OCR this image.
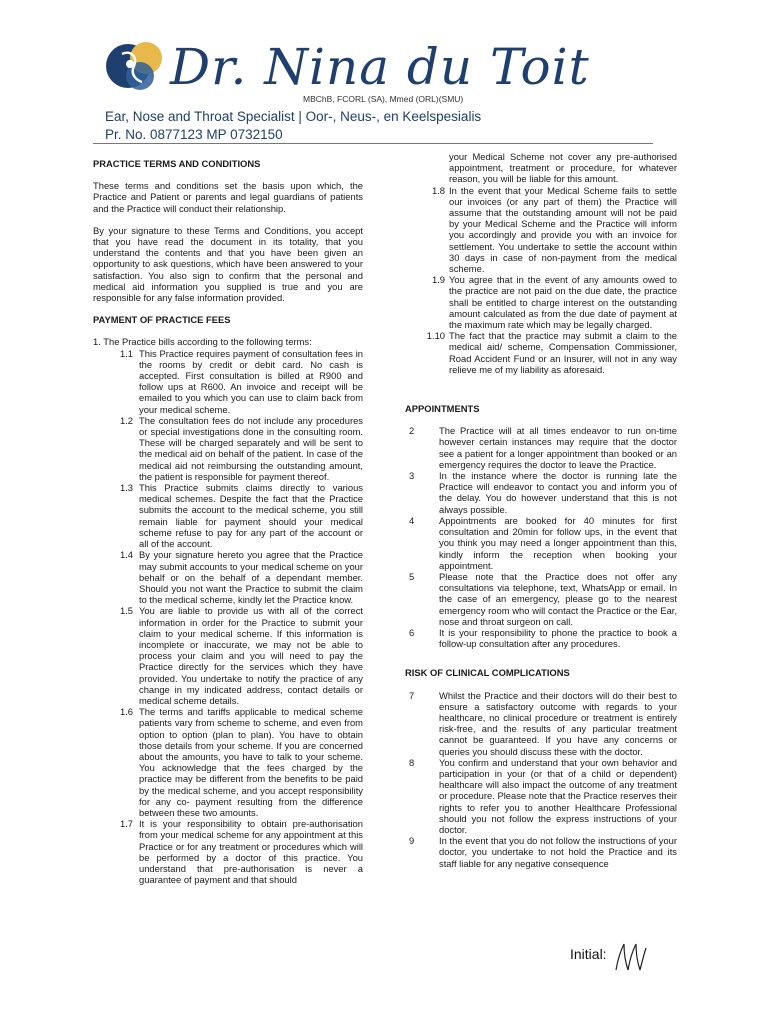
Dr. Nina du Toit
MBChB, FCORL (SA), Mmed (ORL)(SMU)
Ear, Nose and Throat Specialist | Oor-, Neus-, en Keelspesialis
Pr. No. 0877123 MP 0732150

PRACTICE TERMS AND CONDITIONS

These terms and conditions set the basis upon which, the Practice and Patient or parents and legal guardians of patients and the Practice will conduct their relationship.

By your signature to these Terms and Conditions, you accept that you have read the document in its totality, that you understand the contents and that you have been given an opportunity to ask questions, which have been answered to your satisfaction. You also sign to confirm that the personal and medical aid information you supplied is true and you are responsible for any false information provided.

PAYMENT OF PRACTICE FEES

1. The Practice bills according to the following terms:

1.1 This Practice requires payment of consultation fees in the rooms by credit or debit card. No cash is accepted. First consultation is billed at R900 and follow ups at R600. An invoice and receipt will be emailed to you which you can use to claim back from your medical scheme.
1.2 The consultation fees do not include any procedures or special investigations done in the consulting room. These will be charged separately and will be sent to the medical aid on behalf of the patient. In case of the medical aid not reimbursing the outstanding amount, the patient is responsible for payment thereof.
1.3 This Practice submits claims directly to various medical schemes. Despite the fact that the Practice submits the account to the medical scheme, you still remain liable for payment should your medical scheme refuse to pay for any part of the account or all of the account.
1.4 By your signature hereto you agree that the Practice may submit accounts to your medical scheme on your behalf or on the behalf of a dependant member. Should you not want the Practice to submit the claim to the medical scheme, kindly let the Practice know.
1.5 You are liable to provide us with all of the correct information in order for the Practice to submit your claim to your medical scheme. If this information is incomplete or inaccurate, we may not be able to process your claim and you will need to pay the Practice directly for the services which they have provided. You undertake to notify the practice of any change in my indicated address, contact details or medical scheme details.
1.6 The terms and tariffs applicable to medical scheme patients vary from scheme to scheme, and even from option to option (plan to plan). You have to obtain those details from your scheme. If you are concerned about the amounts, you have to talk to your scheme. You acknowledge that the fees charged by the practice may be different from the benefits to be paid by the medical scheme, and you accept responsibility for any co- payment resulting from the difference between these two amounts.
1.7 It is your responsibility to obtain pre-authorisation from your medical scheme for any appointment at this Practice or for any treatment or procedures which will be performed by a doctor of this practice. You understand that pre-authorisation is never a guarantee of payment and that should

your Medical Scheme not cover any pre-authorised appointment, treatment or procedure, for whatever reason, you will be liable for this amount.

1.8 In the event that your Medical Scheme fails to settle our invoices (or any part of them) the Practice will assume that the outstanding amount will not be paid by your Medical Scheme and the Practice will inform you accordingly and provide you with an invoice for settlement. You undertake to settle the account within 30 days in case of non-payment from the medical scheme.
1.9 You agree that in the event of any amounts owed to the practice are not paid on the due date, the practice shall be entitled to charge interest on the outstanding amount calculated as from the due date of payment at the maximum rate which may be legally charged.
1.10 The fact that the practice may submit a claim to the medical aid/ scheme, Compensation Commissioner, Road Accident Fund or an Insurer, will not in any way relieve me of my liability as aforesaid.

APPOINTMENTS

2	The Practice will at all times endeavor to run on-time however certain instances may require that the doctor see a patient for a longer appointment than booked or an emergency requires the doctor to leave the Practice.
3	In the instance where the doctor is running late the Practice will endeavor to contact you and inform you of the delay. You do however understand that this is not always possible.
4	Appointments are booked for 40 minutes for first consultation and 20min for follow ups, in the event that you think you may need a longer appointment than this, kindly inform the reception when booking your appointment.
5	Please note that the Practice does not offer any consultations via telephone, text, WhatsApp or email. In the case of an emergency, please go to the nearest emergency room who will contact the Practice or the Ear, nose and throat surgeon on call.
6	It is your responsibility to phone the practice to book a follow-up consultation after any procedures.

RISK OF CLINICAL COMPLICATIONS

7	Whilst the Practice and their doctors will do their best to ensure a satisfactory outcome with regards to your healthcare, no clinical procedure or treatment is entirely risk-free, and the results of any particular treatment cannot be guaranteed. If you have any concerns or queries you should discuss these with the doctor.
8	You confirm and understand that your own behavior and participation in your (or that of a child or dependent) healthcare will also impact the outcome of any treatment or procedure. Please note that the Practice reserves their rights to refer you to another Healthcare Professional should you not follow the express instructions of your doctor.
9	In the event that you do not follow the instructions of your doctor, you undertake to not hold the Practice and its staff liable for any negative consequence
Initial:
